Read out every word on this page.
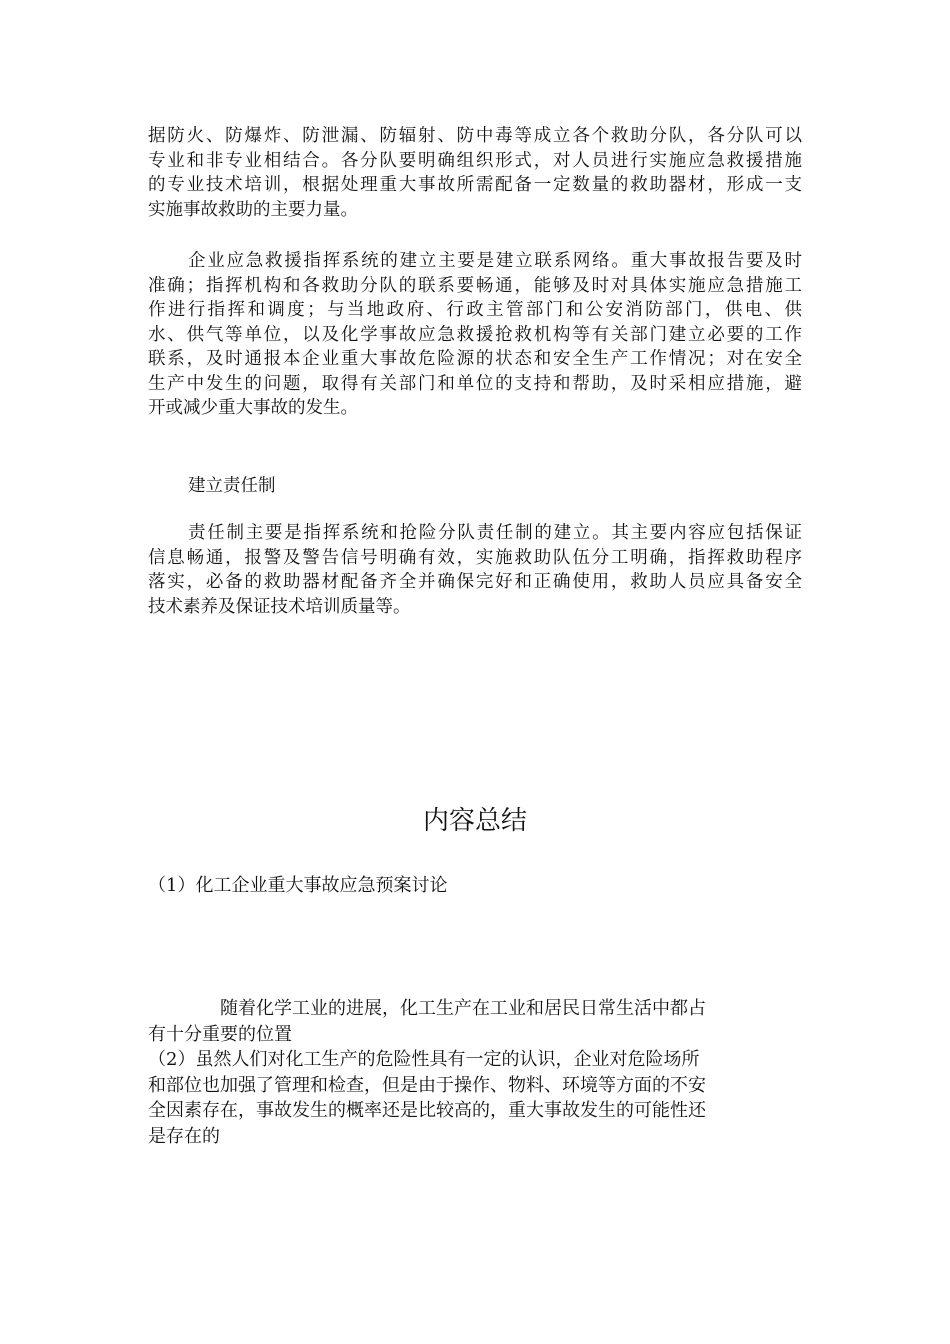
据防火、防爆炸、防泄漏、防辐射、防中毒等成立各个救助分队，各分队可以
专业和非专业相结合。各分队要明确组织形式，对人员进行实施应急救援措施
的专业技术培训，根据处理重大事故所需配备一定数量的救助器材，形成一支
实施事故救助的主要力量。
企业应急救援指挥系统的建立主要是建立联系网络。重大事故报告要及时
准确；指挥机构和各救助分队的联系要畅通，能够及时对具体实施应急措施工
作进行指挥和调度；与当地政府、行政主管部门和公安消防部门，供电、供
水、供气等单位，以及化学事故应急救援抢救机构等有关部门建立必要的工作
联系，及时通报本企业重大事故危险源的状态和安全生产工作情况；对在安全
生产中发生的问题，取得有关部门和单位的支持和帮助，及时采相应措施，避
开或减少重大事故的发生。
建立责任制
责任制主要是指挥系统和抢险分队责任制的建立。其主要内容应包括保证
信息畅通，报警及警告信号明确有效，实施救助队伍分工明确，指挥救助程序
落实，必备的救助器材配备齐全并确保完好和正确使用，救助人员应具备安全
技术素养及保证技术培训质量等。
内容总结
（1）化工企业重大事故应急预案讨论
随着化学工业的进展，化工生产在工业和居民日常生活中都占
有十分重要的位置
（2）虽然人们对化工生产的危险性具有一定的认识，企业对危险场所
和部位也加强了管理和检查，但是由于操作、物料、环境等方面的不安
全因素存在，事故发生的概率还是比较高的，重大事故发生的可能性还
是存在的
